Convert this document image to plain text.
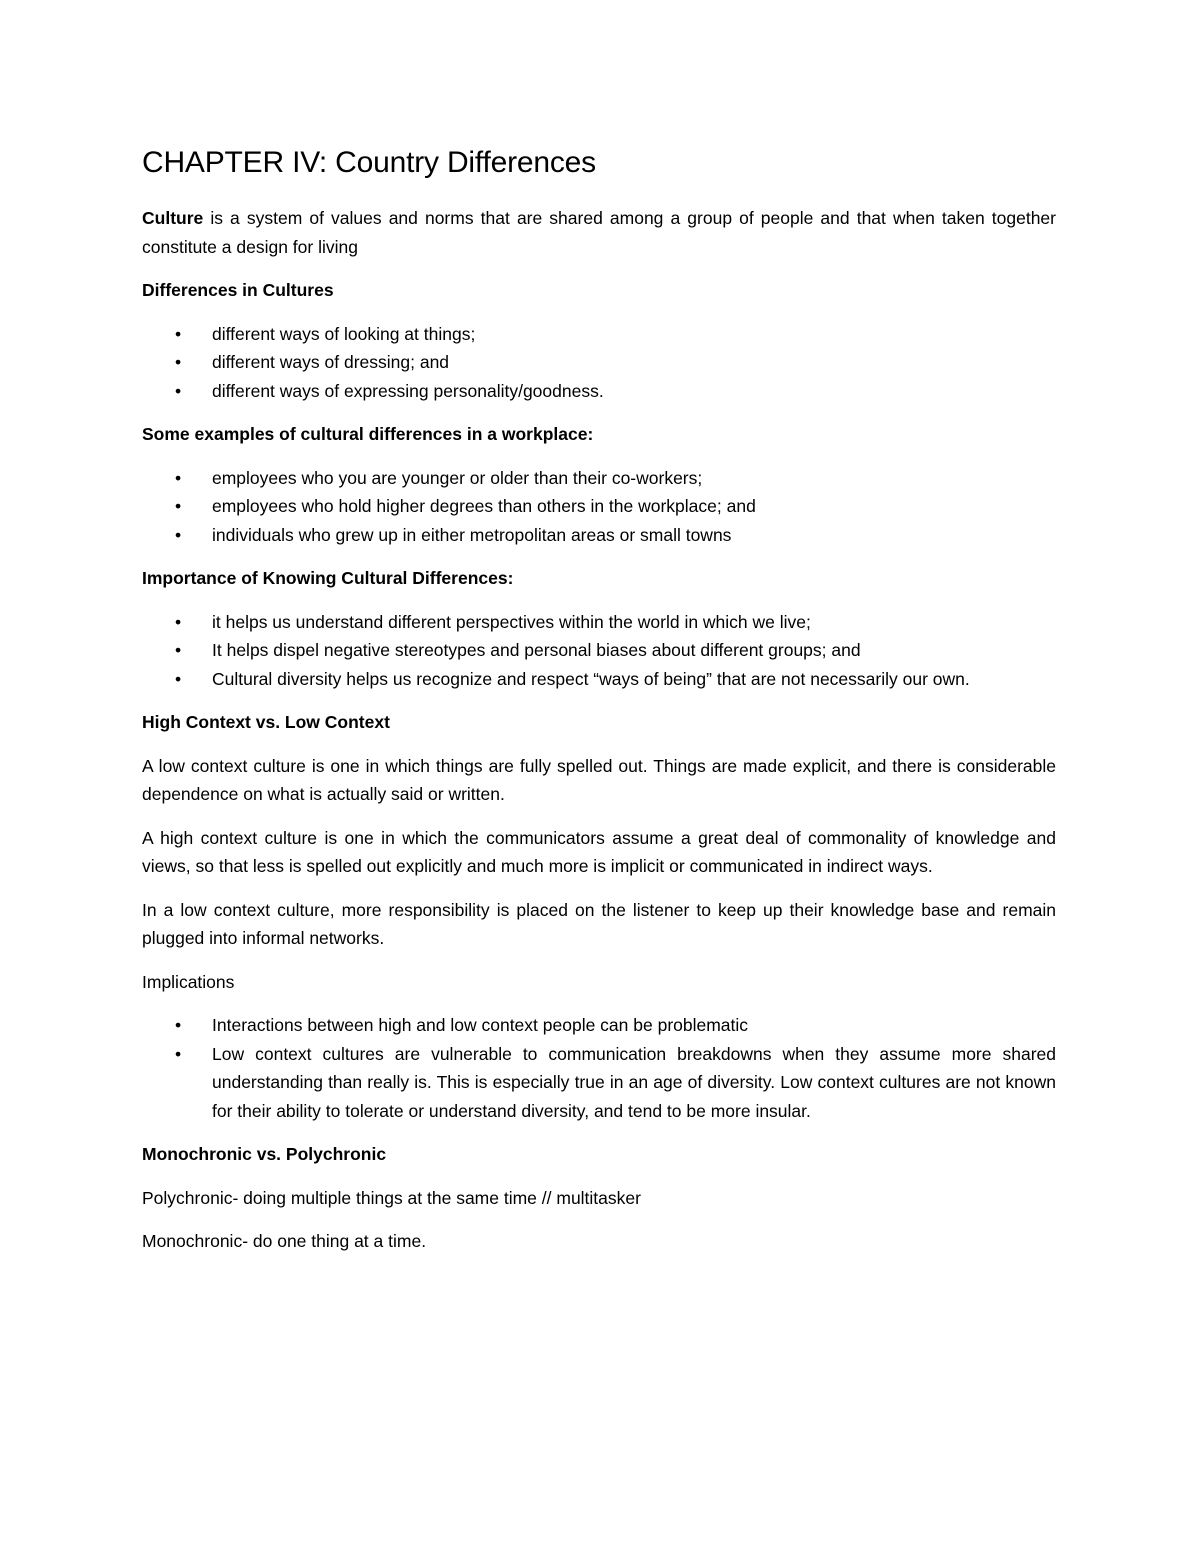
CHAPTER IV: Country Differences

Culture is a system of values and norms that are shared among a group of people and that when taken together constitute a design for living

Differences in Cultures
• different ways of looking at things;
• different ways of dressing; and
• different ways of expressing personality/goodness.
Some examples of cultural differences in a workplace:
• employees who you are younger or older than their co-workers;
• employees who hold higher degrees than others in the workplace; and
• individuals who grew up in either metropolitan areas or small towns
Importance of Knowing Cultural Differences:
• it helps us understand different perspectives within the world in which we live;
• It helps dispel negative stereotypes and personal biases about different groups; and
• Cultural diversity helps us recognize and respect “ways of being” that are not necessarily our own.
High Context vs. Low Context

A low context culture is one in which things are fully spelled out. Things are made explicit, and there is considerable dependence on what is actually said or written.

A high context culture is one in which the communicators assume a great deal of commonality of knowledge and views, so that less is spelled out explicitly and much more is implicit or communicated in indirect ways.

In a low context culture, more responsibility is placed on the listener to keep up their knowledge base and remain plugged into informal networks.

Implications

• Interactions between high and low context people can be problematic
• Low context cultures are vulnerable to communication breakdowns when they assume more shared understanding than really is. This is especially true in an age of diversity. Low context cultures are not known for their ability to tolerate or understand diversity, and tend to be more insular.
Monochronic vs. Polychronic

Polychronic- doing multiple things at the same time // multitasker

Monochronic- do one thing at a time.
